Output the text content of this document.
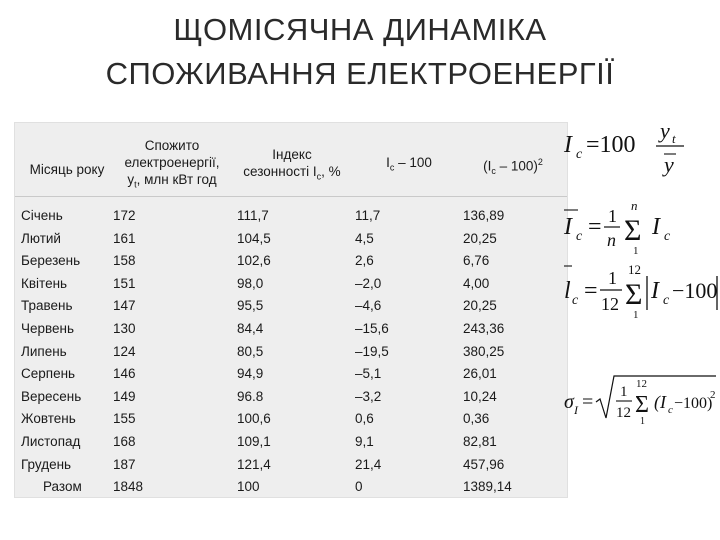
ЩОМІСЯЧНА ДИНАМІКА
СПОЖИВАННЯ ЕЛЕКТРОЕНЕРГІЇ
Місяць року
Спожито
електроенергії,
$y_t$, млн кВт год
Індекс
сезонності $I_c$, %
$I_c - 100$	$(I_c - 100)^2$
Січень
Лютий
Березень
Квітень
Травень
Червень
Липень
Серпень
Вересень
Жовтень
Листопад
Грудень
Разом
172
161
158
151
147
130
124
146
149
155
168
187
1848
111,7
104,5
102,6
98,0
95,5
84,4
80,5
94,9
96.8
100,6
109,1
121,4
100
11,7
4,5
2,6
–2,0
–4,6
–15,6
–19,5
–5,1
–3,2
0,6
9,1
21,4
0
136,89
20,25
6,76
4,00
20,25
243,36
380,25
26,01
10,24
0,36
82,81
457,96
1389,14
I c =100
y t
y
I c = 1
n
n
Σ
1
I c
l c = 1
12
12
Σ
1
I c −100
σ I = 1
12
12
Σ
1
(I c −100)
2
